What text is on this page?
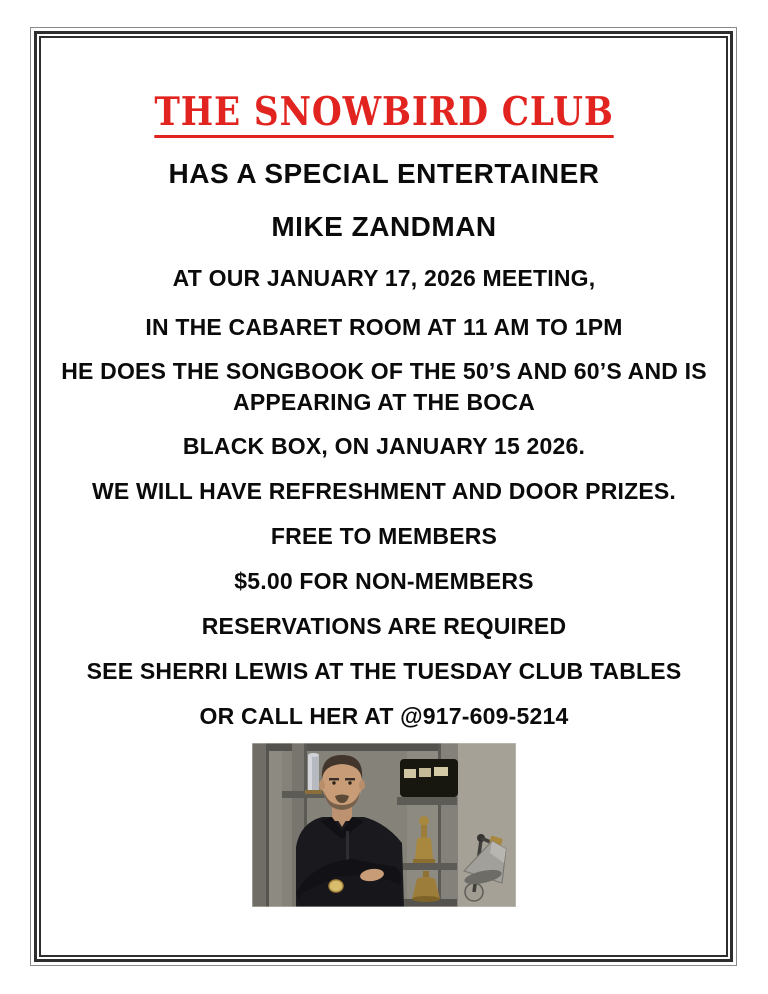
THE SNOWBIRD CLUB
HAS A SPECIAL ENTERTAINER
MIKE ZANDMAN
AT OUR JANUARY 17, 2026 MEETING,
IN THE CABARET ROOM AT 11 AM TO 1PM
HE DOES THE SONGBOOK OF THE 50’S AND 60’S AND IS APPEARING AT THE BOCA
BLACK BOX, ON JANUARY 15 2026.
WE WILL HAVE REFRESHMENT AND DOOR PRIZES.
FREE TO MEMBERS
$5.00 FOR NON-MEMBERS
RESERVATIONS ARE REQUIRED
SEE SHERRI LEWIS AT THE TUESDAY CLUB TABLES
OR CALL HER AT @917-609-5214
